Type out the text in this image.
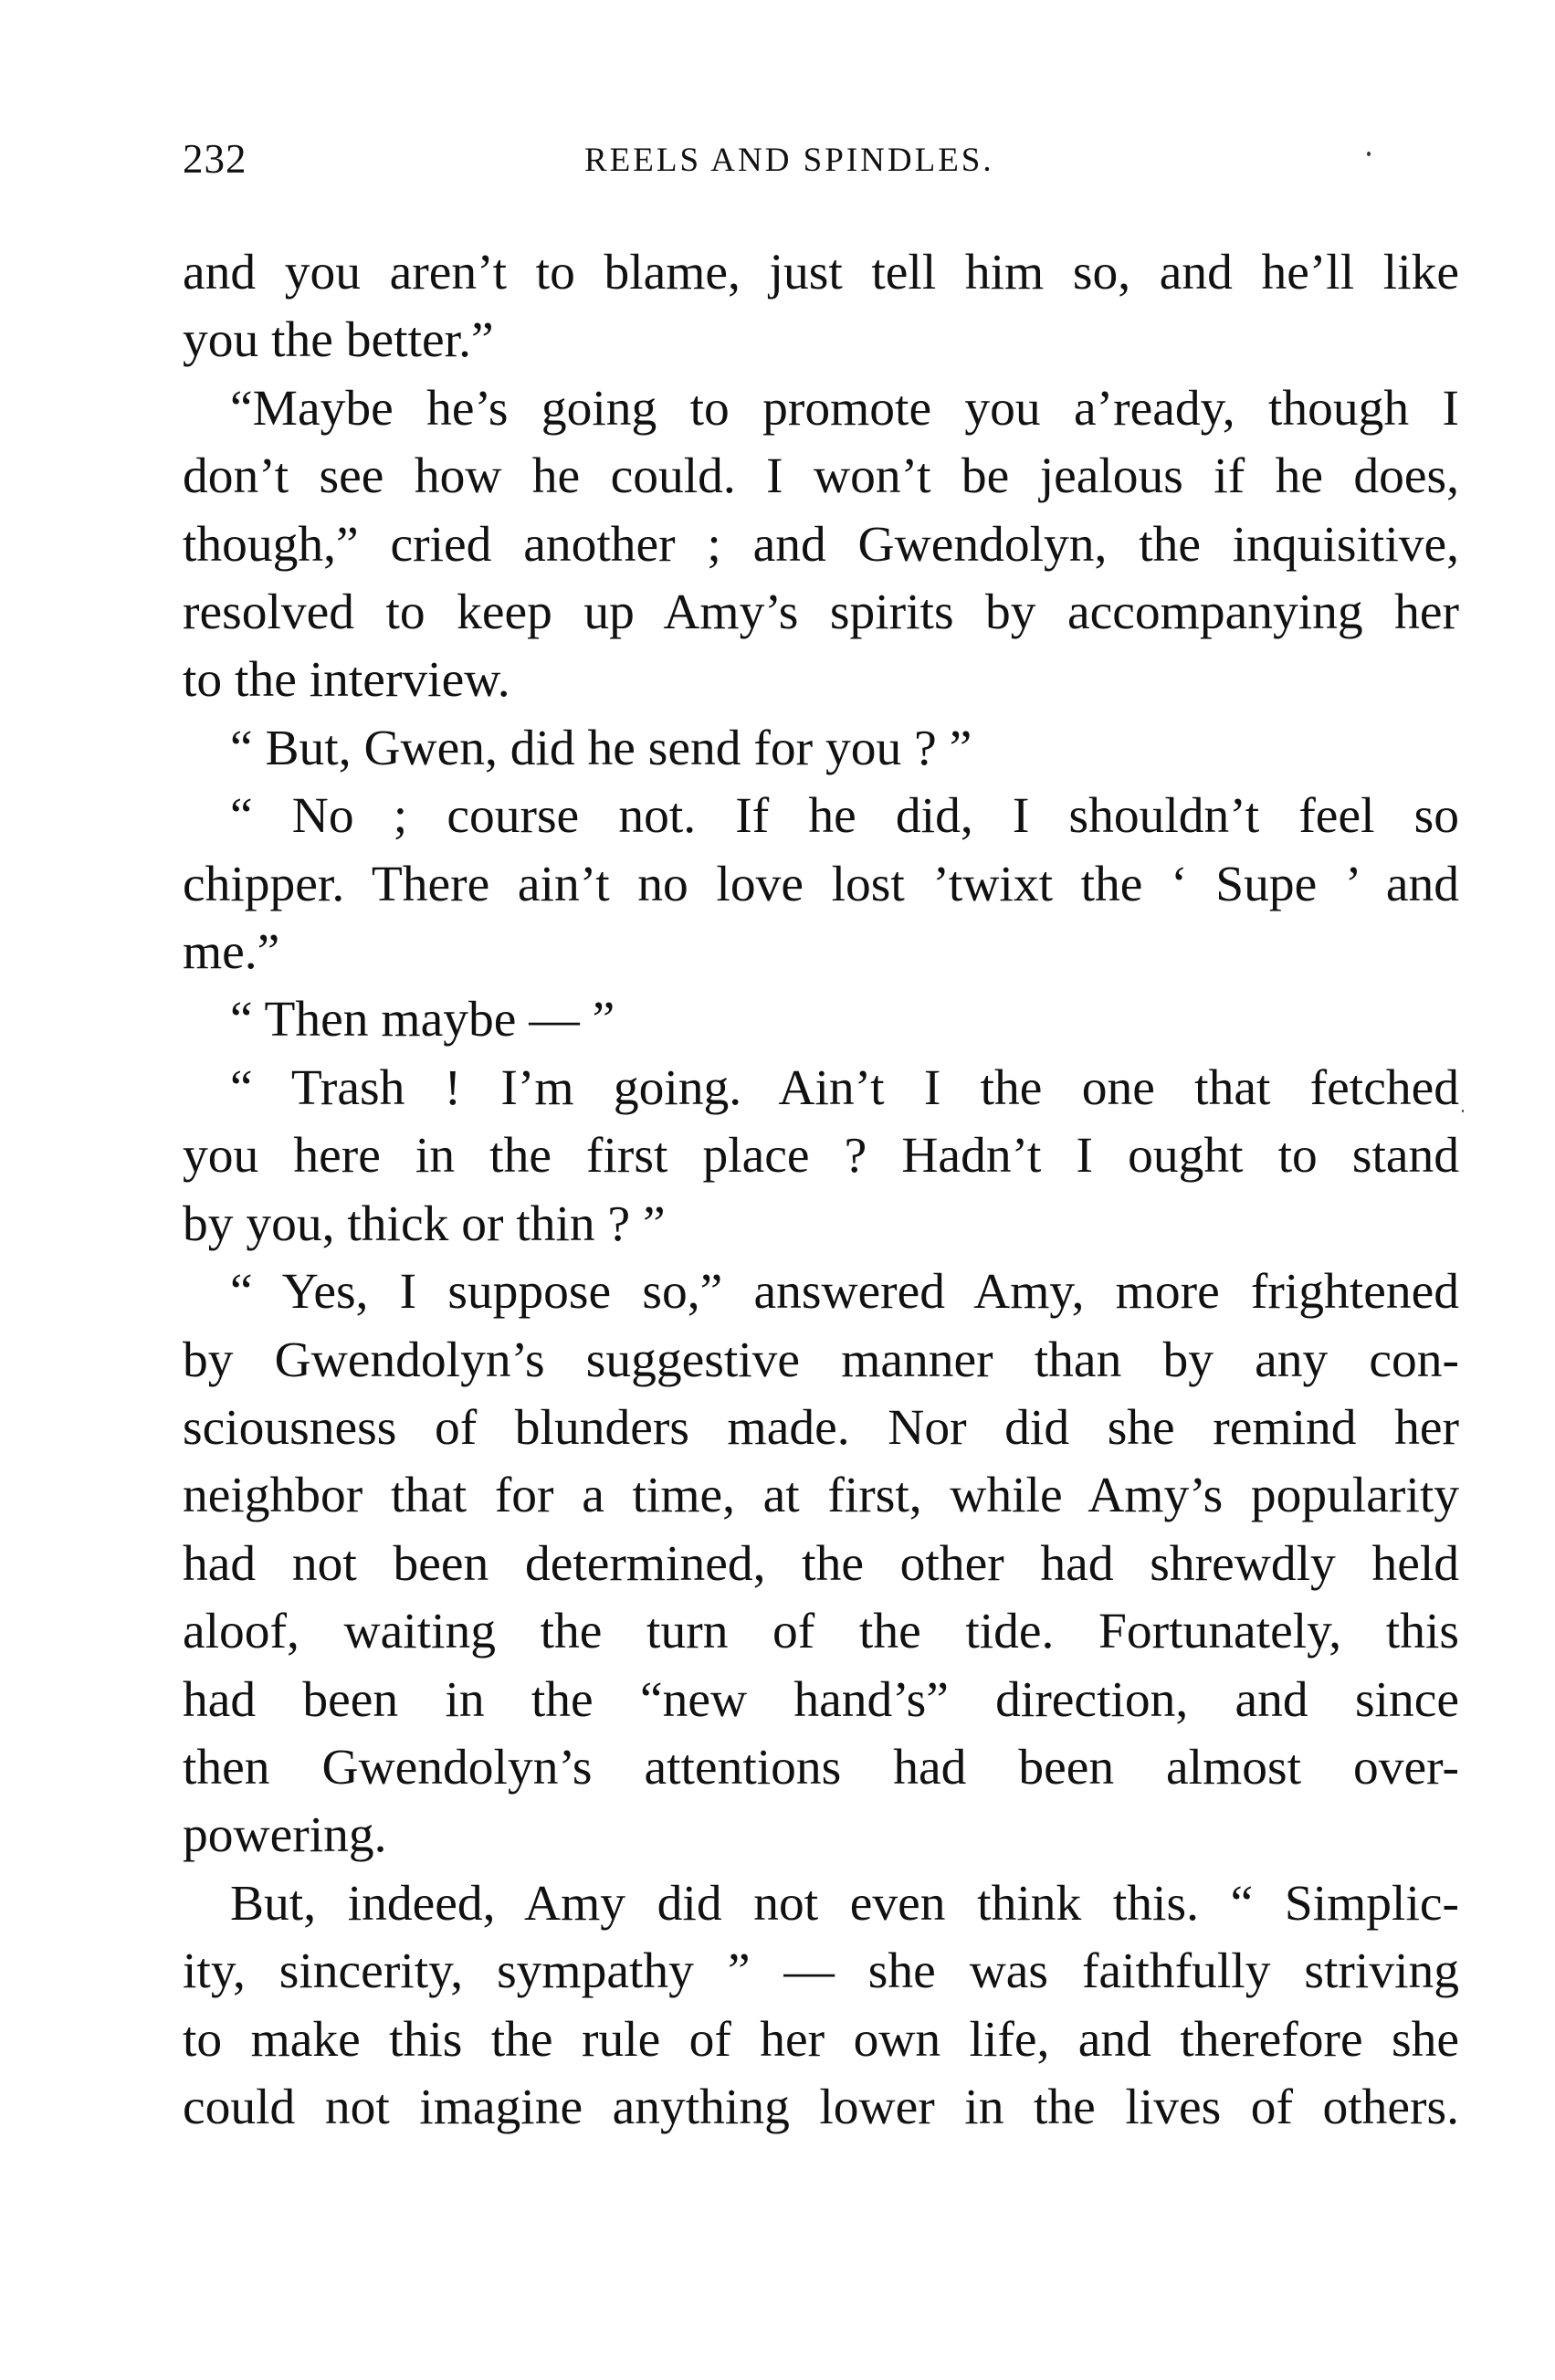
232	REELS AND SPINDLES.
and you aren’t to blame, just tell him so, and he’ll like
you the better.”
“Maybe he’s going to promote you a’ready, though I
don’t see how he could. I won’t be jealous if he does,
though,” cried another ; and Gwendolyn, the inquisitive,
resolved to keep up Amy’s spirits by accompanying her
to the interview.
“ But, Gwen, did he send for you ? ”
“ No ; course not. If he did, I shouldn’t feel so
chipper. There ain’t no love lost ’twixt the ‘ Supe ’ and
me.”
“ Then maybe — ”
“ Trash ! I’m going. Ain’t I the one that fetched
you here in the first place ? Hadn’t I ought to stand
by you, thick or thin ? ”
“ Yes, I suppose so,” answered Amy, more frightened
by Gwendolyn’s suggestive manner than by any con-
sciousness of blunders made. Nor did she remind her
neighbor that for a time, at first, while Amy’s popularity
had not been determined, the other had shrewdly held
aloof, waiting the turn of the tide. Fortunately, this
had been in the “new hand’s” direction, and since
then Gwendolyn’s attentions had been almost over-
powering.
But, indeed, Amy did not even think this. “ Simplic-
ity, sincerity, sympathy ” — she was faithfully striving
to make this the rule of her own life, and therefore she
could not imagine anything lower in the lives of others.
